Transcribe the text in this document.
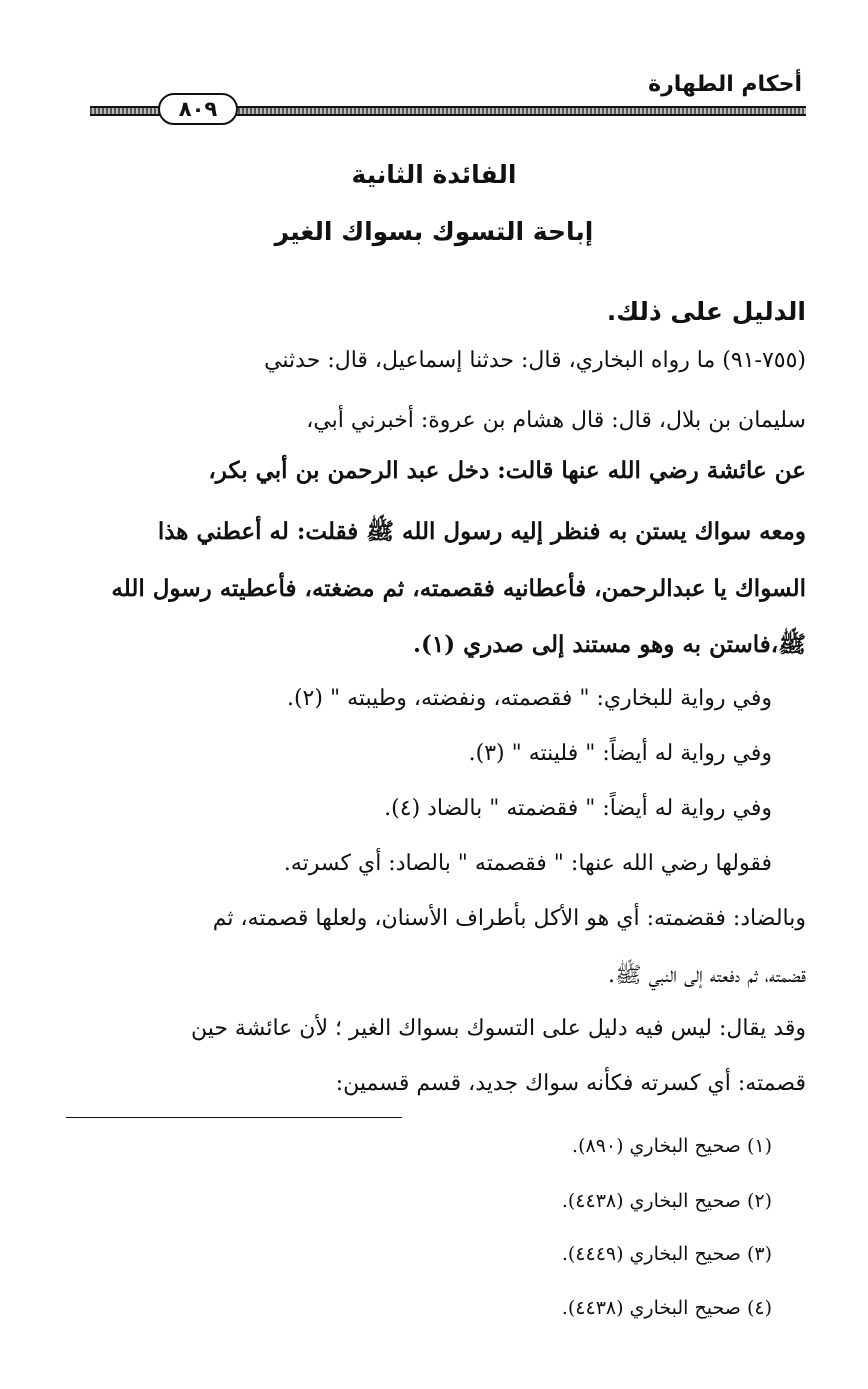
أحكام الطهارة
٨٠٩
الفائدة الثانية
إباحة التسوك بسواك الغير
الدليل على ذلك.
(٧٥٥-٩١) ما رواه البخاري، قال: حدثنا إسماعيل، قال: حدثني
سليمان بن بلال، قال: قال هشام بن عروة: أخبرني أبي،
عن عائشة رضي الله عنها قالت: دخل عبد الرحمن بن أبي بكر،
ومعه سواك يستن به فنظر إليه رسول الله ﷺ فقلت: له أعطني هذا
السواك يا عبدالرحمن، فأعطانيه فقصمته، ثم مضغته، فأعطيته رسول الله
ﷺ،فاستن به وهو مستند إلى صدري (١).
وفي رواية للبخاري: " فقصمته، ونفضته، وطيبته " (٢).
وفي رواية له أيضاً: " فلينته " (٣).
وفي رواية له أيضاً: " فقضمته " بالضاد (٤).
فقولها رضي الله عنها: " فقصمته " بالصاد: أي كسرته.
وبالضاد: فقضمته: أي هو الأكل بأطراف الأسنان، ولعلها قصمته، ثم
قضمته، ثم دفعته إلى النبي ﷺ.
وقد يقال: ليس فيه دليل على التسوك بسواك الغير ؛ لأن عائشة حين
قصمته: أي كسرته فكأنه سواك جديد، قسم قسمين:
(١) صحيح البخاري (٨٩٠).
(٢) صحيح البخاري (٤٤٣٨).
(٣) صحيح البخاري (٤٤٤٩).
(٤) صحيح البخاري (٤٤٣٨).
